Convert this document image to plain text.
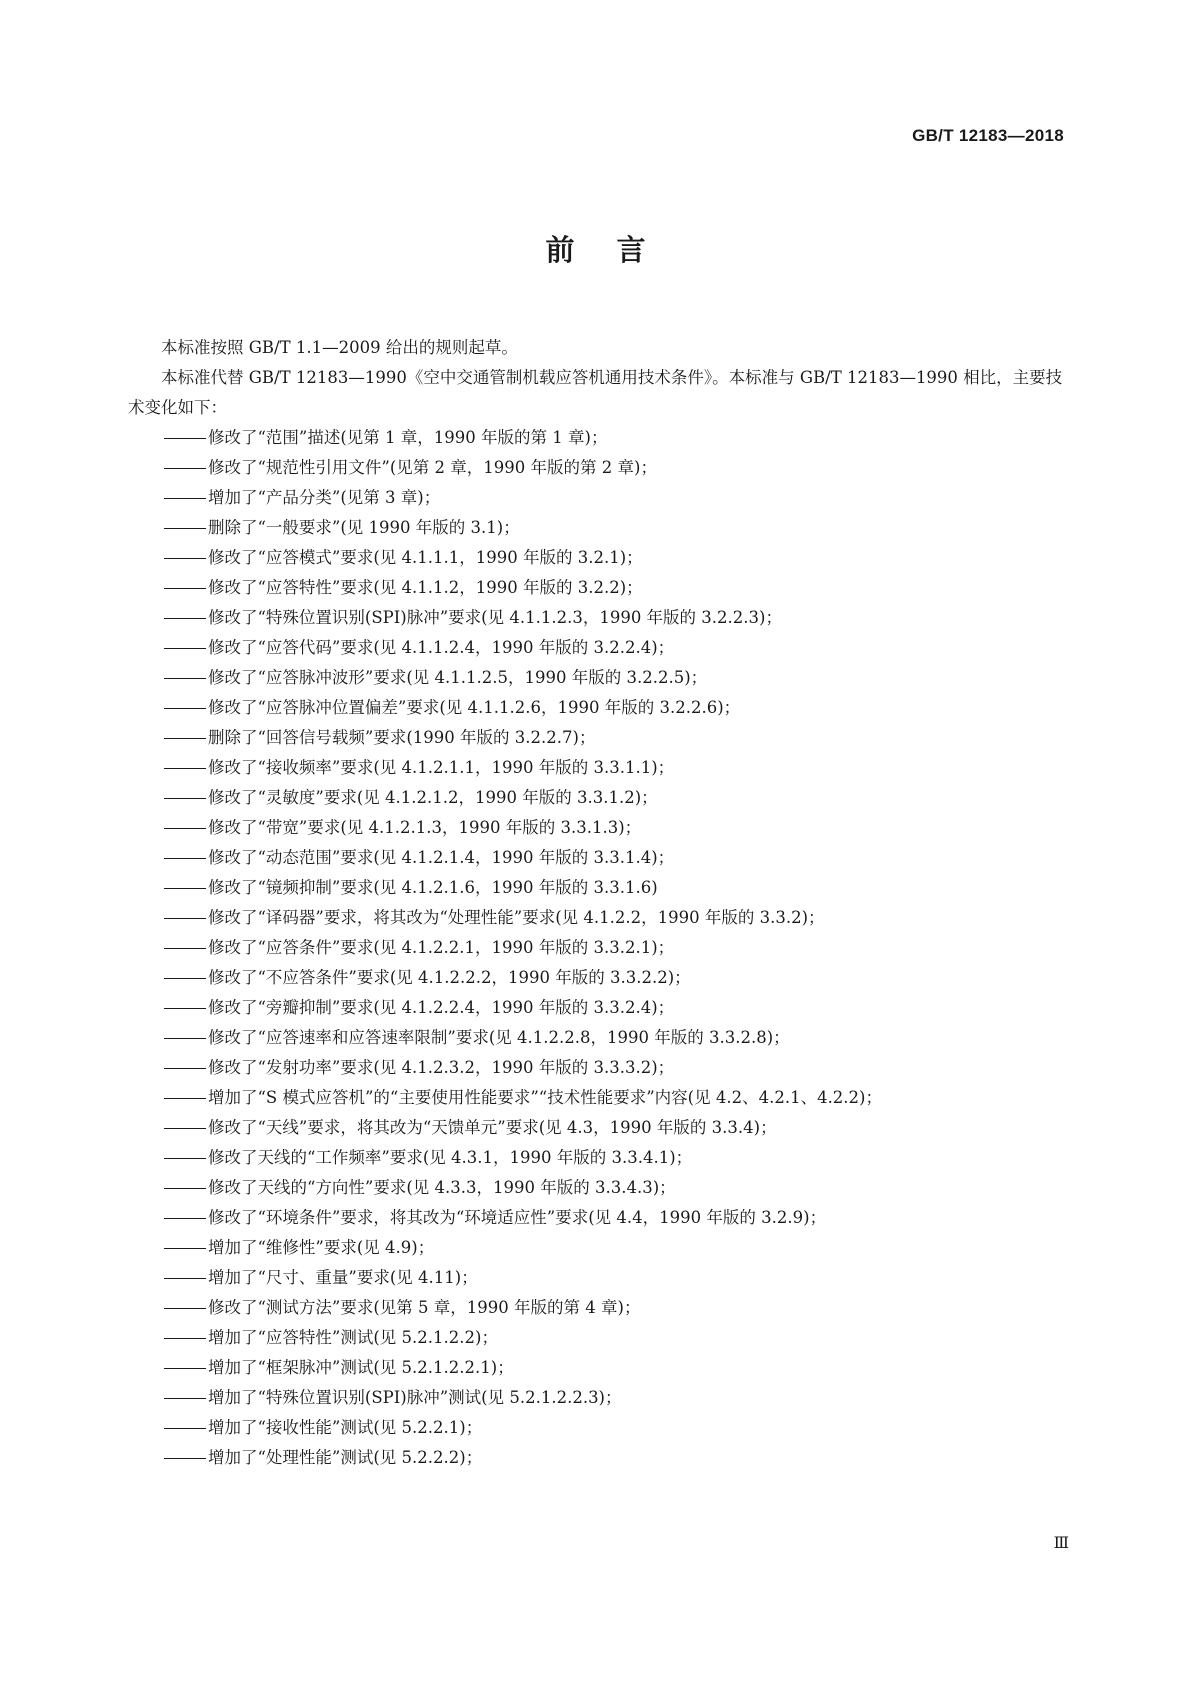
GB/T 12183—2018
前言

本标准按照 GB/T 1.1—2009 给出的规则起草。

本标准代替 GB/T 12183—1990《空中交通管制机载应答机通用技术条件》。本标准与 GB/T 12183—1990 相比，主要技术变化如下：

修改了“范围”描述(见第 1 章，1990 年版的第 1 章)；
修改了“规范性引用文件”(见第 2 章，1990 年版的第 2 章)；
增加了“产品分类”(见第 3 章)；
删除了“一般要求”(见 1990 年版的 3.1)；
修改了“应答模式”要求(见 4.1.1.1，1990 年版的 3.2.1)；
修改了“应答特性”要求(见 4.1.1.2，1990 年版的 3.2.2)；
修改了“特殊位置识别(SPI)脉冲”要求(见 4.1.1.2.3，1990 年版的 3.2.2.3)；
修改了“应答代码”要求(见 4.1.1.2.4，1990 年版的 3.2.2.4)；
修改了“应答脉冲波形”要求(见 4.1.1.2.5，1990 年版的 3.2.2.5)；
修改了“应答脉冲位置偏差”要求(见 4.1.1.2.6，1990 年版的 3.2.2.6)；
删除了“回答信号载频”要求(1990 年版的 3.2.2.7)；
修改了“接收频率”要求(见 4.1.2.1.1，1990 年版的 3.3.1.1)；
修改了“灵敏度”要求(见 4.1.2.1.2，1990 年版的 3.3.1.2)；
修改了“带宽”要求(见 4.1.2.1.3，1990 年版的 3.3.1.3)；
修改了“动态范围”要求(见 4.1.2.1.4，1990 年版的 3.3.1.4)；
修改了“镜频抑制”要求(见 4.1.2.1.6，1990 年版的 3.3.1.6)
修改了“译码器”要求，将其改为“处理性能”要求(见 4.1.2.2，1990 年版的 3.3.2)；
修改了“应答条件”要求(见 4.1.2.2.1，1990 年版的 3.3.2.1)；
修改了“不应答条件”要求(见 4.1.2.2.2，1990 年版的 3.3.2.2)；
修改了“旁瓣抑制”要求(见 4.1.2.2.4，1990 年版的 3.3.2.4)；
修改了“应答速率和应答速率限制”要求(见 4.1.2.2.8，1990 年版的 3.3.2.8)；
修改了“发射功率”要求(见 4.1.2.3.2，1990 年版的 3.3.3.2)；
增加了“S 模式应答机”的“主要使用性能要求”“技术性能要求”内容(见 4.2、4.2.1、4.2.2)；
修改了“天线”要求，将其改为“天馈单元”要求(见 4.3，1990 年版的 3.3.4)；
修改了天线的“工作频率”要求(见 4.3.1，1990 年版的 3.3.4.1)；
修改了天线的“方向性”要求(见 4.3.3，1990 年版的 3.3.4.3)；
修改了“环境条件”要求，将其改为“环境适应性”要求(见 4.4，1990 年版的 3.2.9)；
增加了“维修性”要求(见 4.9)；
增加了“尺寸、重量”要求(见 4.11)；
修改了“测试方法”要求(见第 5 章，1990 年版的第 4 章)；
增加了“应答特性”测试(见 5.2.1.2.2)；
增加了“框架脉冲”测试(见 5.2.1.2.2.1)；
增加了“特殊位置识别(SPI)脉冲”测试(见 5.2.1.2.2.3)；
增加了“接收性能”测试(见 5.2.2.1)；
增加了“处理性能”测试(见 5.2.2.2)；
Ⅲ
